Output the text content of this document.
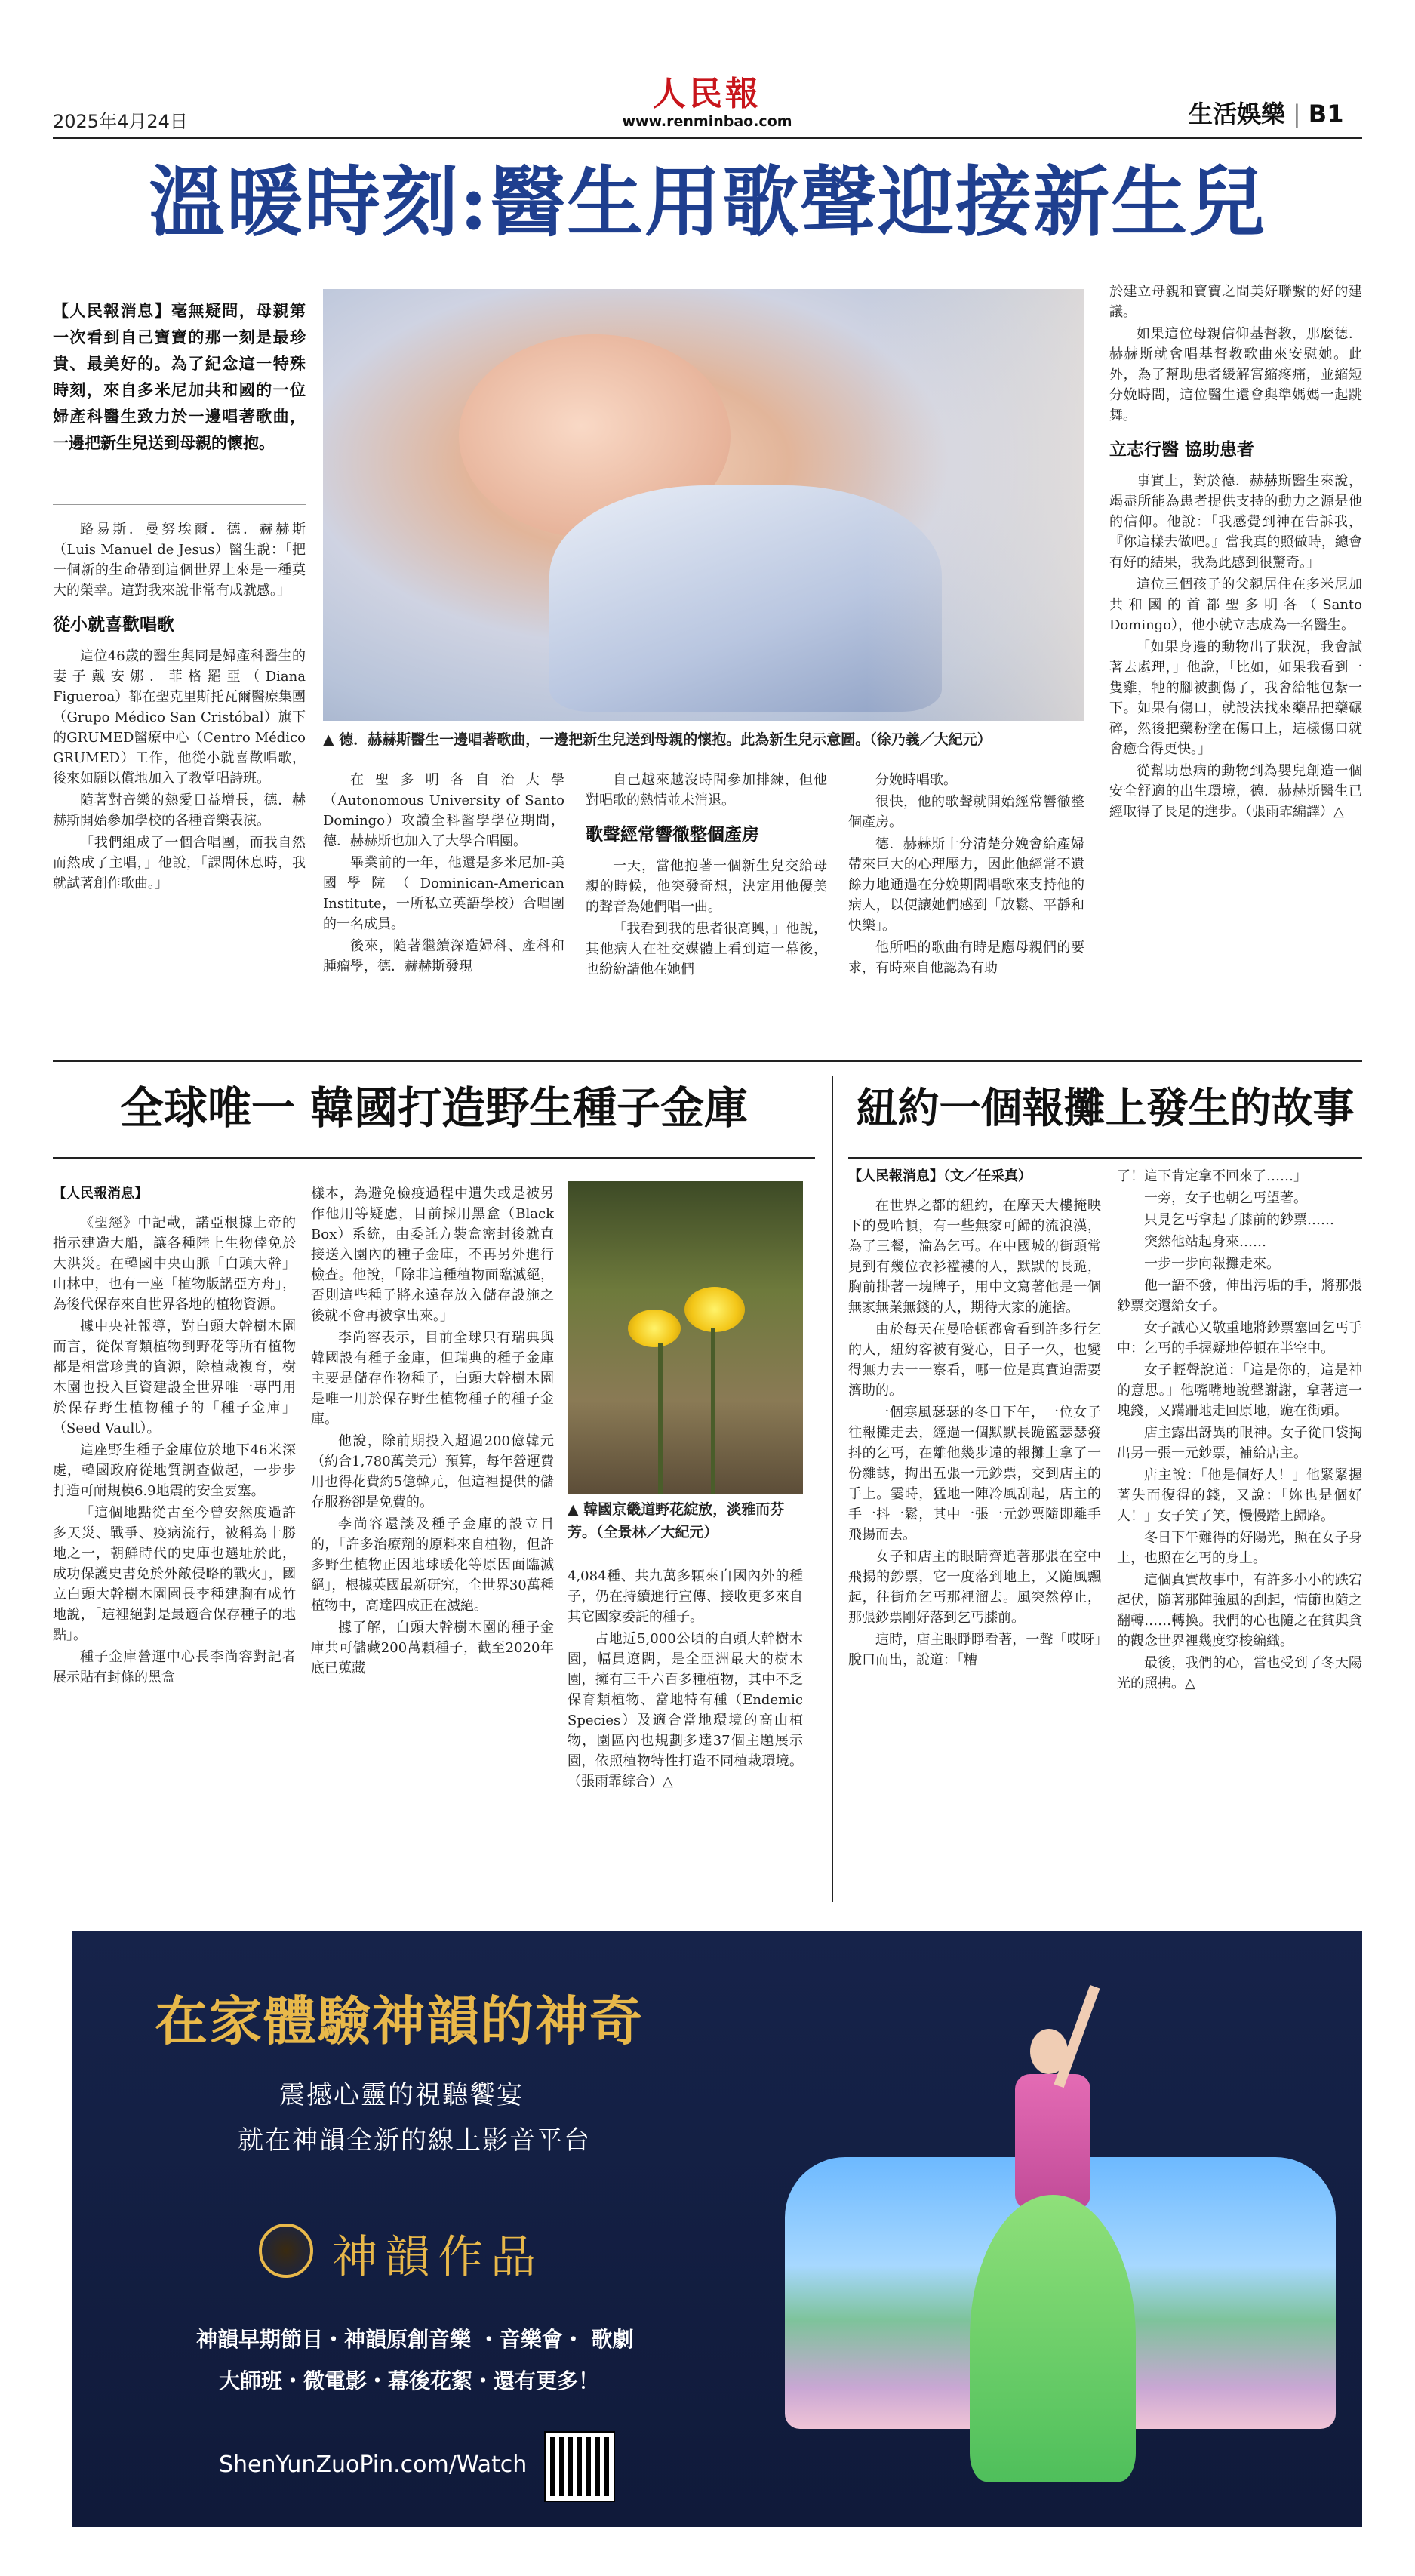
2025年4月24日
人民報
www.renminbao.com	生活娛樂 | B1
溫暖時刻:醫生用歌聲迎接新生兒
【人民報消息】毫無疑問，母親第一次看到自己寶寶的那一刻是最珍貴、最美好的。為了紀念這一特殊時刻，來自多米尼加共和國的一位婦產科醫生致力於一邊唱著歌曲，一邊把新生兒送到母親的懷抱。
▲ 德．赫赫斯醫生一邊唱著歌曲，一邊把新生兒送到母親的懷抱。此為新生兒示意圖。（徐乃義／大紀元）

路易斯．曼努埃爾．德．赫赫斯（Luis Manuel de Jesus）醫生說：「把一個新的生命帶到這個世界上來是一種莫大的榮幸。這對我來說非常有成就感。」

從小就喜歡唱歌

這位46歲的醫生與同是婦產科醫生的妻子戴安娜．菲格羅亞（Diana Figueroa）都在聖克里斯托瓦爾醫療集團（Grupo Médico San Cristóbal）旗下的GRUMED醫療中心（Centro Médico GRUMED）工作，他從小就喜歡唱歌，後來如願以償地加入了教堂唱詩班。

隨著對音樂的熱愛日益增長，德．赫赫斯開始參加學校的各種音樂表演。

「我們組成了一個合唱團，而我自然而然成了主唱，」他說，「課間休息時，我就試著創作歌曲。」

在聖多明各自治大學（Autonomous University of Santo Domingo）攻讀全科醫學學位期間，德．赫赫斯也加入了大學合唱團。

畢業前的一年，他還是多米尼加-美國學院（Dominican-American Institute，一所私立英語學校）合唱團的一名成員。

後來，隨著繼續深造婦科、產科和腫瘤學，德．赫赫斯發現

自己越來越沒時間參加排練，但他對唱歌的熱情並未消退。

歌聲經常響徹整個產房

一天，當他抱著一個新生兒交給母親的時候，他突發奇想，決定用他優美的聲音為她們唱一曲。

「我看到我的患者很高興，」他說，其他病人在社交媒體上看到這一幕後，也紛紛請他在她們

分娩時唱歌。

很快，他的歌聲就開始經常響徹整個產房。

德．赫赫斯十分清楚分娩會給產婦帶來巨大的心理壓力，因此他經常不遺餘力地通過在分娩期間唱歌來支持他的病人，以便讓她們感到「放鬆、平靜和快樂」。

他所唱的歌曲有時是應母親們的要求，有時來自他認為有助

於建立母親和寶寶之間美好聯繫的好的建議。

如果這位母親信仰基督教，那麼德．赫赫斯就會唱基督教歌曲來安慰她。此外，為了幫助患者緩解宮縮疼痛，並縮短分娩時間，這位醫生還會與準媽媽一起跳舞。

立志行醫 協助患者

事實上，對於德．赫赫斯醫生來說，竭盡所能為患者提供支持的動力之源是他的信仰。他說：「我感覺到神在告訴我，『你這樣去做吧。』當我真的照做時，總會有好的結果，我為此感到很驚奇。」

這位三個孩子的父親居住在多米尼加共和國的首都聖多明各（Santo Domingo），他小就立志成為一名醫生。

「如果身邊的動物出了狀況，我會試著去處理，」他說，「比如，如果我看到一隻雞，牠的腳被劃傷了，我會給牠包紮一下。如果有傷口，就設法找來藥品把藥碾碎，然後把藥粉塗在傷口上，這樣傷口就會癒合得更快。」

從幫助患病的動物到為嬰兒創造一個安全舒適的出生環境，德．赫赫斯醫生已經取得了長足的進步。（張雨霏編譯）△

全球唯一 韓國打造野生種子金庫

【人民報消息】

《聖經》中記載，諾亞根據上帝的指示建造大船，讓各種陸上生物倖免於大洪災。在韓國中央山脈「白頭大幹」山林中，也有一座「植物版諾亞方舟」，為後代保存來自世界各地的植物資源。

據中央社報導，對白頭大幹樹木園而言，從保育類植物到野花等所有植物都是相當珍貴的資源，除植栽複育，樹木園也投入巨資建設全世界唯一專門用於保存野生植物種子的「種子金庫」（Seed Vault）。

這座野生種子金庫位於地下46米深處，韓國政府從地質調查做起，一步步打造可耐規模6.9地震的安全要塞。

「這個地點從古至今曾安然度過許多天災、戰爭、疫病流行，被稱為十勝地之一，朝鮮時代的史庫也選址於此，成功保護史書免於外敵侵略的戰火」，國立白頭大幹樹木園園長李種建胸有成竹地說，「這裡絕對是最適合保存種子的地點」。

種子金庫營運中心長李尚容對記者展示貼有封條的黑盒

樣本，為避免檢疫過程中遺失或是被另作他用等疑慮，目前採用黑盒（Black Box）系統，由委託方裝盒密封後就直接送入園內的種子金庫，不再另外進行檢查。他說，「除非這種植物面臨滅絕，否則這些種子將永遠存放入儲存設施之後就不會再被拿出來。」

李尚容表示，目前全球只有瑞典與韓國設有種子金庫，但瑞典的種子金庫主要是儲存作物種子，白頭大幹樹木園是唯一用於保存野生植物種子的種子金庫。

他說，除前期投入超過200億韓元（約合1,780萬美元）預算，每年營運費用也得花費約5億韓元，但這裡提供的儲存服務卻是免費的。

李尚容還談及種子金庫的設立目的，「許多治療劑的原料來自植物，但許多野生植物正因地球暖化等原因面臨滅絕」，根據英國最新研究，全世界30萬種植物中，高達四成正在滅絕。

據了解，白頭大幹樹木園的種子金庫共可儲藏200萬顆種子，截至2020年底已蒐藏

▲ 韓國京畿道野花綻放，淡雅而芬芳。（全景林／大紀元）

4,084種、共九萬多顆來自國內外的種子，仍在持續進行宣傳、接收更多來自其它國家委託的種子。

占地近5,000公頃的白頭大幹樹木園，幅員遼闊，是全亞洲最大的樹木園，擁有三千六百多種植物，其中不乏保育類植物、當地特有種（Endemic Species）及適合當地環境的高山植物，園區內也規劃多達37個主題展示園，依照植物特性打造不同植栽環境。（張雨霏綜合）△

紐約一個報攤上發生的故事

【人民報消息】（文／任采真）

在世界之都的紐約，在摩天大樓掩映下的曼哈頓，有一些無家可歸的流浪漢，為了三餐，淪為乞丐。在中國城的街頭常見到有幾位衣衫襤褸的人，默默的長跪，胸前掛著一塊牌子，用中文寫著他是一個無家無業無錢的人，期待大家的施捨。

由於每天在曼哈頓都會看到許多行乞的人，紐約客被有愛心，日子一久，也變得無力去一一察看，哪一位是真實迫需要濟助的。

一個寒風瑟瑟的冬日下午，一位女子往報攤走去，經過一個默默長跪籃瑟瑟發抖的乞丐，在離他幾步遠的報攤上拿了一份雜誌，掏出五張一元鈔票，交到店主的手上。霎時，猛地一陣冷風刮起，店主的手一抖一鬆，其中一張一元鈔票隨即離手飛揚而去。

女子和店主的眼睛齊追著那張在空中飛揚的鈔票，它一度落到地上，又隨風飄起，往街角乞丐那裡溜去。風突然停止，那張鈔票剛好落到乞丐膝前。

這時，店主眼睜睜看著，一聲「哎呀」脫口而出，說道：「糟

了！這下肯定拿不回來了……」

一旁，女子也朝乞丐望著。

只見乞丐拿起了膝前的鈔票……

突然他站起身來……

一步一步向報攤走來。

他一語不發，伸出污垢的手，將那張鈔票交還給女子。

女子誠心又敬重地將鈔票塞回乞丐手中：乞丐的手握疑地停頓在半空中。

女子輕聲說道：「這是你的，這是神的意思。」他嘴嘴地說聲謝謝，拿著這一塊錢，又蹣跚地走回原地，跪在街頭。

店主露出訝異的眼神。女子從口袋掏出另一張一元鈔票，補給店主。

店主說：「他是個好人！」他緊緊握著失而復得的錢，又說：「妳也是個好人！」女子笑了笑，慢慢踏上歸路。

冬日下午難得的好陽光，照在女子身上，也照在乞丐的身上。

這個真實故事中，有許多小小的跌宕起伏，隨著那陣強風的刮起，情節也隨之翻轉……轉換。我們的心也隨之在貧與貪的觀念世界裡幾度穿梭編織。

最後，我們的心，當也受到了冬天陽光的照拂。△

在家體驗神韻的神奇
震撼心靈的視聽饗宴
就在神韻全新的線上影音平台
神韻作品
神韻早期節目・神韻原創音樂 ・音樂會・ 歌劇
大師班・微電影・幕後花絮・還有更多！
ShenYunZuoPin.com/Watch
